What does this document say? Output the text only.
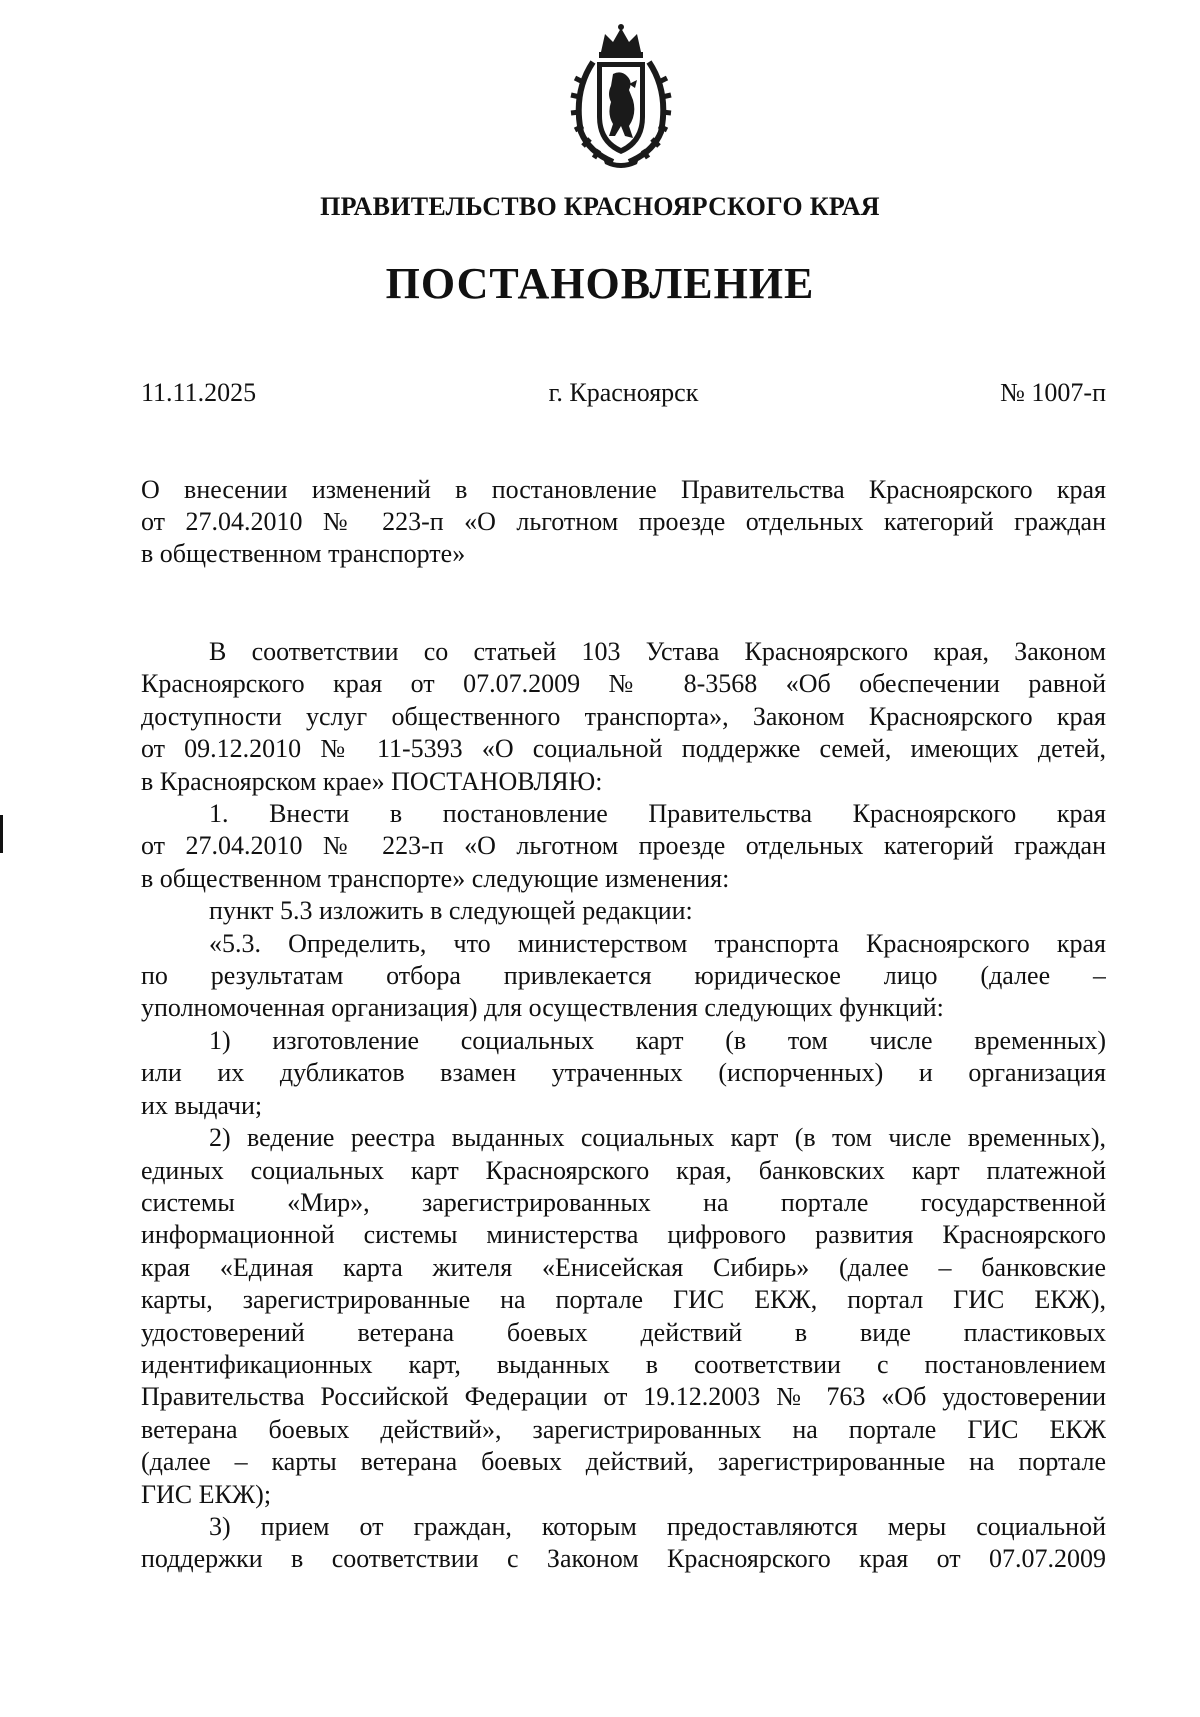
ПРАВИТЕЛЬСТВО КРАСНОЯРСКОГО КРАЯ
ПОСТАНОВЛЕНИЕ
11.11.2025	г. Красноярск	№ 1007-п
О внесении изменений в постановление Правительства Красноярского края
от 27.04.2010 № 223-п «О льготном проезде отдельных категорий граждан
в общественном транспорте»
В соответствии со статьей 103 Устава Красноярского края, Законом
Красноярского края от 07.07.2009 № 8-3568 «Об обеспечении равной
доступности услуг общественного транспорта», Законом Красноярского края
от 09.12.2010 № 11-5393 «О социальной поддержке семей, имеющих детей,
в Красноярском крае» ПОСТАНОВЛЯЮ:
1. Внести в постановление Правительства Красноярского края
от 27.04.2010 № 223-п «О льготном проезде отдельных категорий граждан
в общественном транспорте» следующие изменения:
пункт 5.3 изложить в следующей редакции:
«5.3. Определить, что министерством транспорта Красноярского края
по результатам отбора привлекается юридическое лицо (далее –
уполномоченная организация) для осуществления следующих функций:
1) изготовление социальных карт (в том числе временных)
или их дубликатов взамен утраченных (испорченных) и организация
их выдачи;
2) ведение реестра выданных социальных карт (в том числе временных),
единых социальных карт Красноярского края, банковских карт платежной
системы «Мир», зарегистрированных на портале государственной
информационной системы министерства цифрового развития Красноярского
края «Единая карта жителя «Енисейская Сибирь» (далее – банковские
карты, зарегистрированные на портале ГИС ЕКЖ, портал ГИС ЕКЖ),
удостоверений ветерана боевых действий в виде пластиковых
идентификационных карт, выданных в соответствии с постановлением
Правительства Российской Федерации от 19.12.2003 № 763 «Об удостоверении
ветерана боевых действий», зарегистрированных на портале ГИС ЕКЖ
(далее – карты ветерана боевых действий, зарегистрированные на портале
ГИС ЕКЖ);
3) прием от граждан, которым предоставляются меры социальной
поддержки в соответствии с Законом Красноярского края от 07.07.2009
